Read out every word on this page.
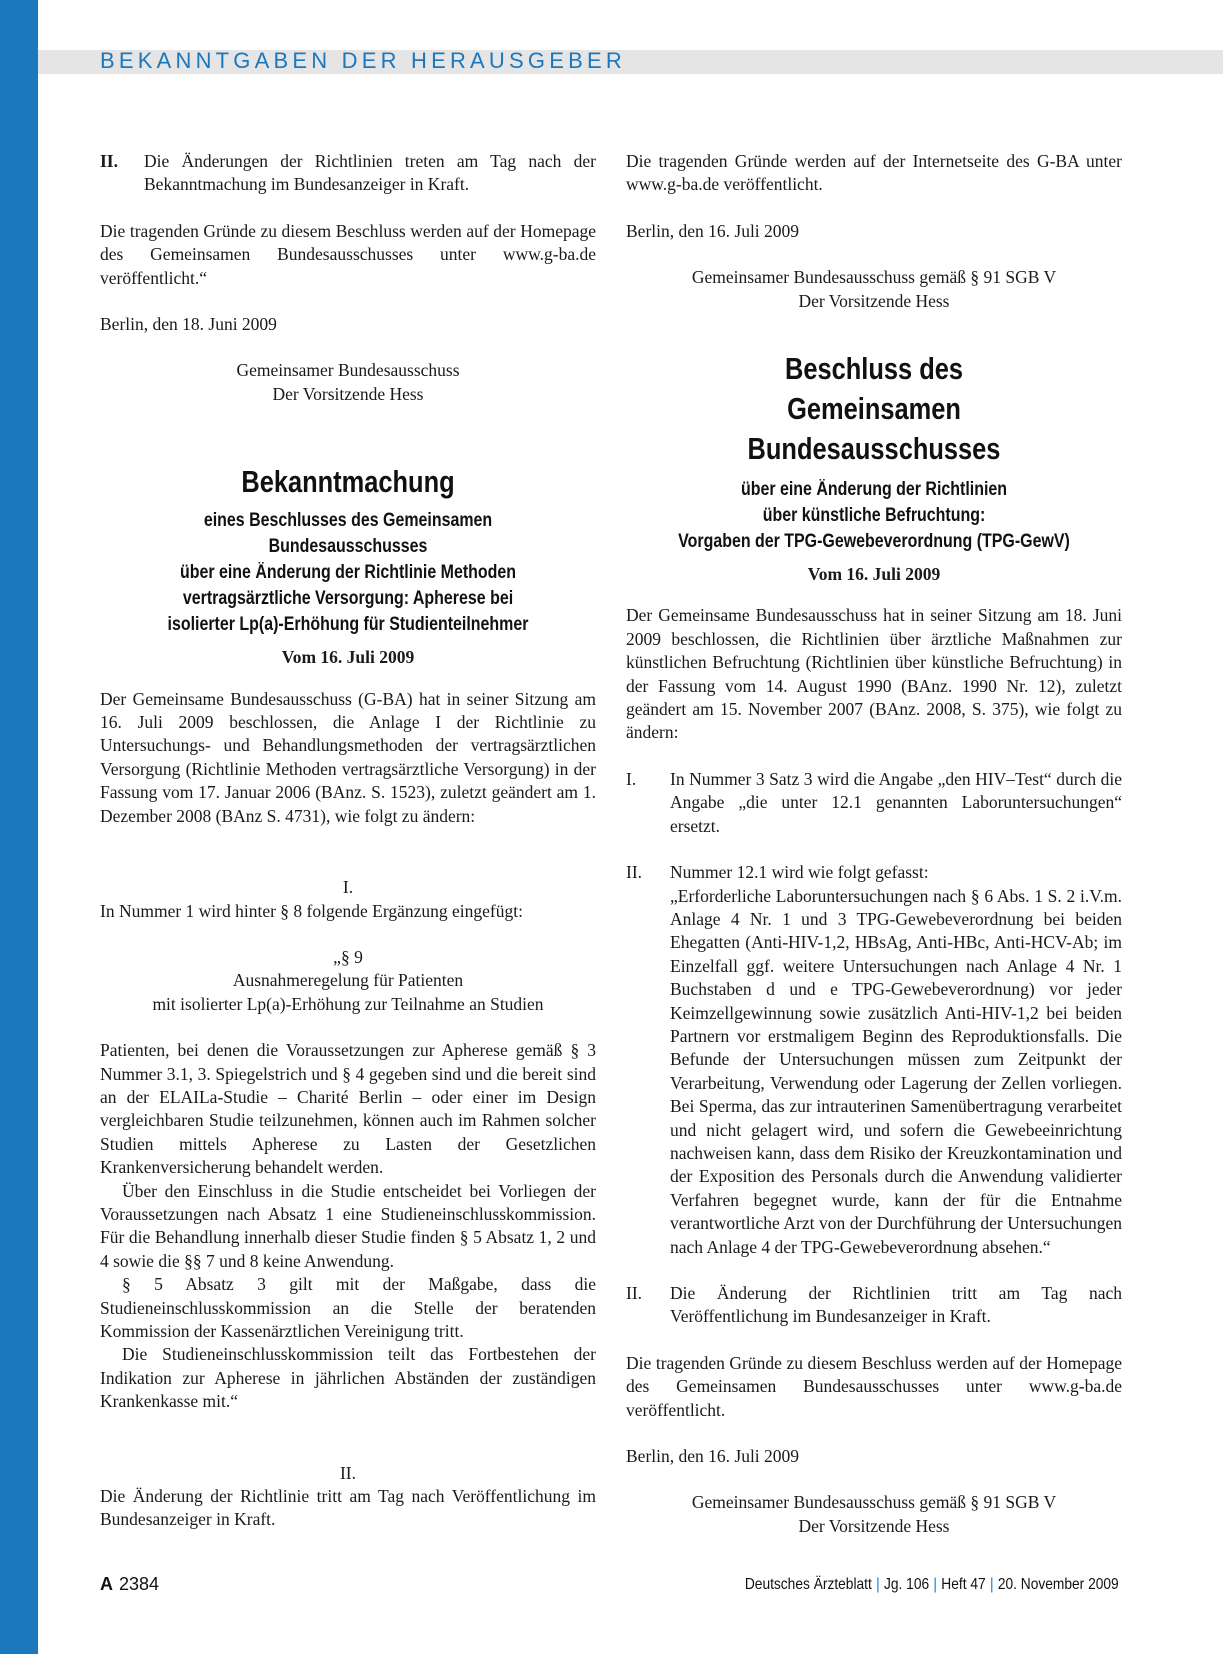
BEKANNTGABEN DER HERAUSGEBER
II.	Die Änderungen der Richtlinien treten am Tag nach der Bekanntmachung im Bundesanzeiger in Kraft.

Die tragenden Gründe zu diesem Beschluss werden auf der Homepage des Gemeinsamen Bundesausschusses unter www.g-ba.de veröffentlicht.“

Berlin, den 18. Juni 2009

Gemeinsamer Bundesausschuss

Der Vorsitzende Hess

Bekanntmachung
eines Beschlusses des Gemeinsamen Bundesausschusses
über eine Änderung der Richtlinie Methoden
vertragsärztliche Versorgung: Apherese bei
isolierter Lp(a)-Erhöhung für Studienteilnehmer

Vom 16. Juli 2009

Der Gemeinsame Bundesausschuss (G-BA) hat in seiner Sitzung am 16. Juli 2009 beschlossen, die Anlage I der Richtlinie zu Untersuchungs- und Behandlungsmethoden der vertragsärztlichen Versorgung (Richtlinie Methoden vertragsärztliche Versorgung) in der Fassung vom 17. Januar 2006 (BAnz. S. 1523), zuletzt geändert am 1. Dezember 2008 (BAnz S. 4731), wie folgt zu ändern:

I.

In Nummer 1 wird hinter § 8 folgende Ergänzung eingefügt:

„§ 9

Ausnahmeregelung für Patienten

mit isolierter Lp(a)-Erhöhung zur Teilnahme an Studien

Patienten, bei denen die Voraussetzungen zur Apherese gemäß § 3 Nummer 3.1, 3. Spiegelstrich und § 4 gegeben sind und die bereit sind an der ELAILa-Studie – Charité Berlin – oder einer im Design vergleichbaren Studie teilzunehmen, können auch im Rahmen solcher Studien mittels Apherese zu Lasten der Gesetzlichen Krankenversicherung behandelt werden.

Über den Einschluss in die Studie entscheidet bei Vorliegen der Voraussetzungen nach Absatz 1 eine Studieneinschlusskommission. Für die Behandlung innerhalb dieser Studie finden § 5 Absatz 1, 2 und 4 sowie die §§ 7 und 8 keine Anwendung.

§ 5 Absatz 3 gilt mit der Maßgabe, dass die Studieneinschlusskommission an die Stelle der beratenden Kommission der Kassenärztlichen Vereinigung tritt.

Die Studieneinschlusskommission teilt das Fortbestehen der Indikation zur Apherese in jährlichen Abständen der zuständigen Krankenkasse mit.“

II.

Die Änderung der Richtlinie tritt am Tag nach Veröffentlichung im Bundesanzeiger in Kraft.

Die tragenden Gründe werden auf der Internetseite des G-BA unter www.g-ba.de veröffentlicht.

Berlin, den 16. Juli 2009

Gemeinsamer Bundesausschuss gemäß § 91 SGB V

Der Vorsitzende Hess

Beschluss des
Gemeinsamen Bundesausschusses
über eine Änderung der Richtlinien
über künstliche Befruchtung:
Vorgaben der TPG-Gewebeverordnung (TPG-GewV)

Vom 16. Juli 2009

Der Gemeinsame Bundesausschuss hat in seiner Sitzung am 18. Juni 2009 beschlossen, die Richtlinien über ärztliche Maßnahmen zur künstlichen Befruchtung (Richtlinien über künstliche Befruchtung) in der Fassung vom 14. August 1990 (BAnz. 1990 Nr. 12), zuletzt geändert am 15. November 2007 (BAnz. 2008, S. 375), wie folgt zu ändern:

I.	In Nummer 3 Satz 3 wird die Angabe „den HIV–Test“ durch die Angabe „die unter 12.1 genannten Laboruntersuchungen“ ersetzt.
II.	Nummer 12.1 wird wie folgt gefasst:
„Erforderliche Laboruntersuchungen nach § 6 Abs. 1 S. 2 i.V.m. Anlage 4 Nr. 1 und 3 TPG-Gewebeverordnung bei beiden Ehegatten (Anti-HIV-1,2, HBsAg, Anti-HBc, Anti-HCV-Ab; im Einzelfall ggf. weitere Untersuchungen nach Anlage 4 Nr. 1 Buchstaben d und e TPG-Gewebeverordnung) vor jeder Keimzellgewinnung sowie zusätzlich Anti-HIV-1,2 bei beiden Partnern vor erstmaligem Beginn des Reproduktionsfalls. Die Befunde der Untersuchungen müssen zum Zeitpunkt der Verarbeitung, Verwendung oder Lagerung der Zellen vorliegen. Bei Sperma, das zur intrauterinen Samenübertragung verarbeitet und nicht gelagert wird, und sofern die Gewebeeinrichtung nachweisen kann, dass dem Risiko der Kreuzkontamination und der Exposition des Personals durch die Anwendung validierter Verfahren begegnet wurde, kann der für die Entnahme verantwortliche Arzt von der Durchführung der Untersuchungen nach Anlage 4 der TPG-Gewebeverordnung absehen.“
II.	Die Änderung der Richtlinien tritt am Tag nach Veröffentlichung im Bundesanzeiger in Kraft.

Die tragenden Gründe zu diesem Beschluss werden auf der Homepage des Gemeinsamen Bundesausschusses unter www.g-ba.de veröffentlicht.

Berlin, den 16. Juli 2009

Gemeinsamer Bundesausschuss gemäß § 91 SGB V

Der Vorsitzende Hess

A 2384	Deutsches Ärzteblatt | Jg. 106 | Heft 47 | 20. November 2009
